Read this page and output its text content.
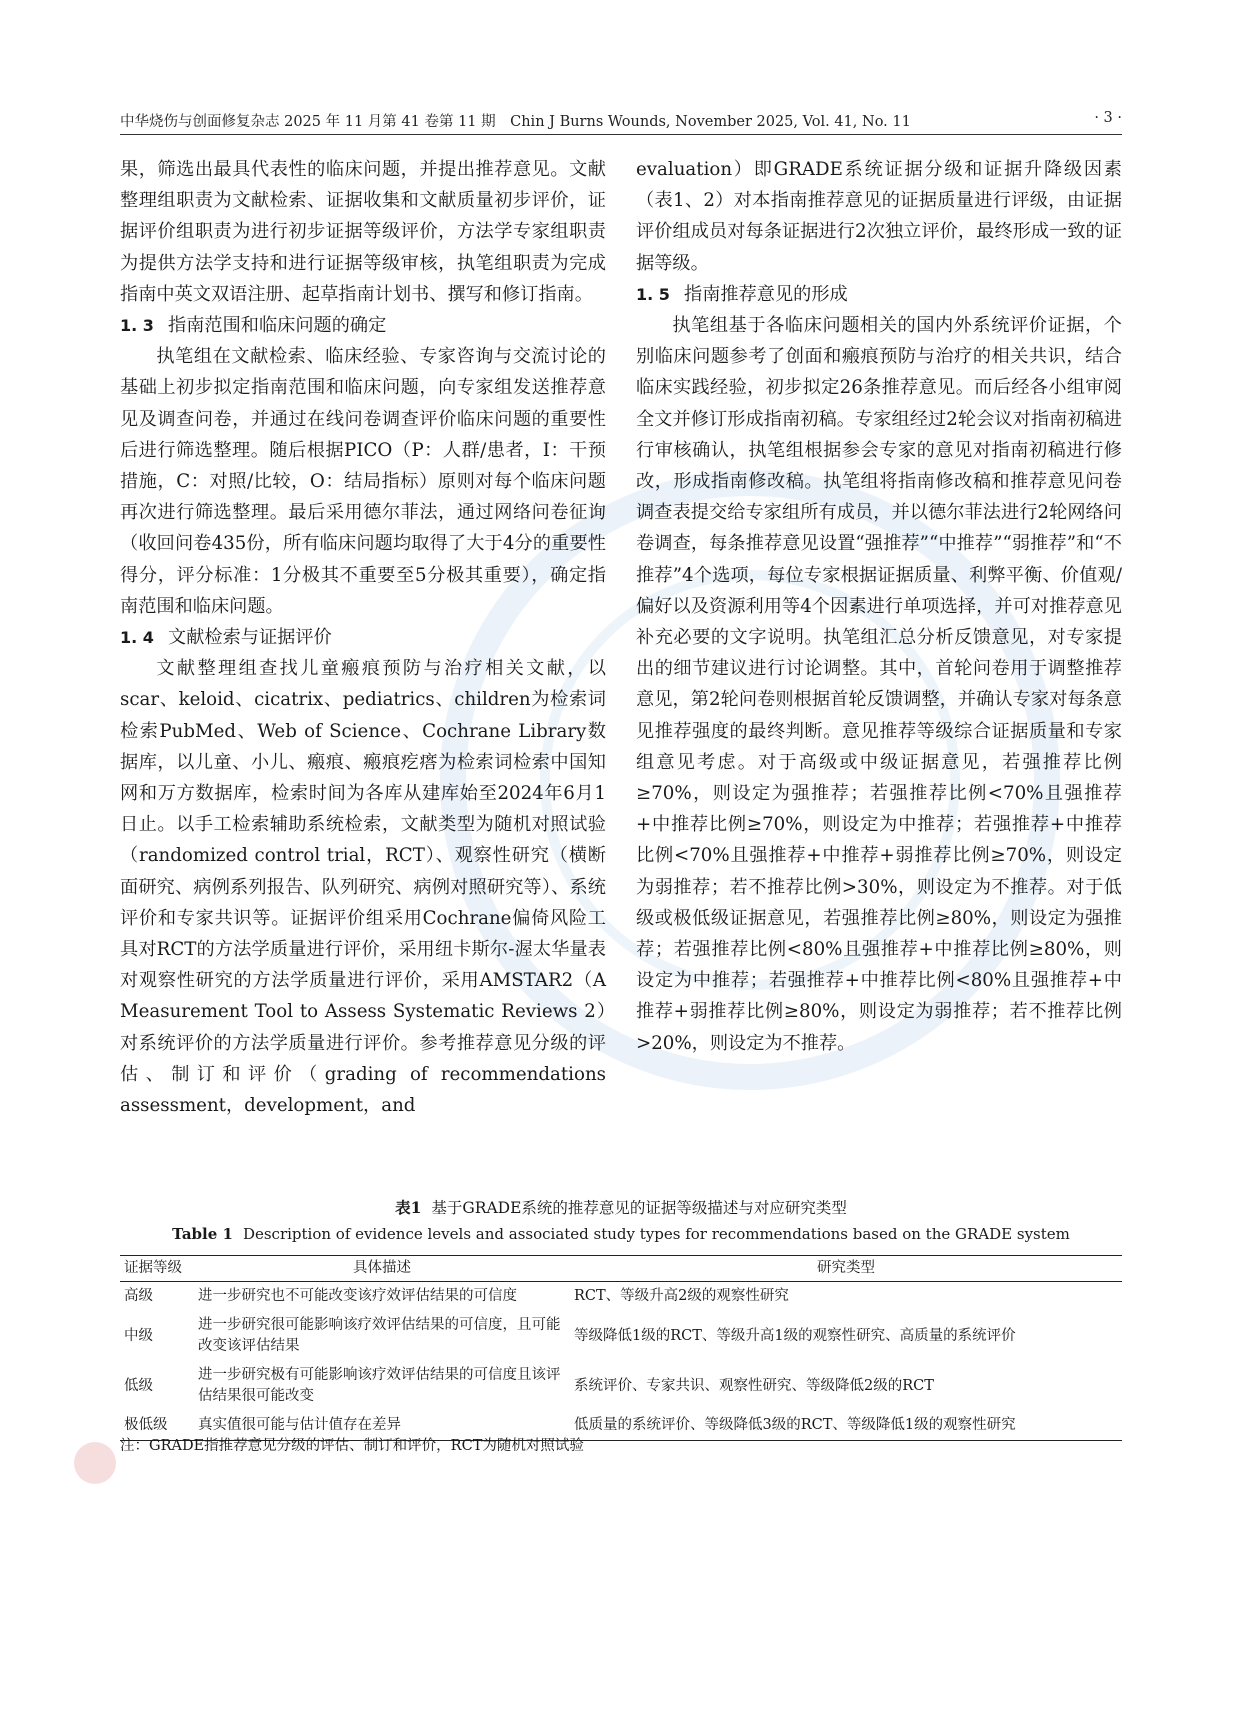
中华烧伤与创面修复杂志 2025 年 11 月第 41 卷第 11 期　Chin J Burns Wounds, November 2025, Vol. 41, No. 11	· 3 ·

果，筛选出最具代表性的临床问题，并提出推荐意见。文献整理组职责为文献检索、证据收集和文献质量初步评价，证据评价组职责为进行初步证据等级评价，方法学专家组职责为提供方法学支持和进行证据等级审核，执笔组职责为完成指南中英文双语注册、起草指南计划书、撰写和修订指南。

1. 3 指南范围和临床问题的确定

执笔组在文献检索、临床经验、专家咨询与交流讨论的基础上初步拟定指南范围和临床问题，向专家组发送推荐意见及调查问卷，并通过在线问卷调查评价临床问题的重要性后进行筛选整理。随后根据PICO（P：人群/患者，I：干预措施，C：对照/比较，O：结局指标）原则对每个临床问题再次进行筛选整理。最后采用德尔菲法，通过网络问卷征询（收回问卷435份，所有临床问题均取得了大于4分的重要性得分，评分标准：1分极其不重要至5分极其重要），确定指南范围和临床问题。

1. 4 文献检索与证据评价

文献整理组查找儿童瘢痕预防与治疗相关文献，以scar、keloid、cicatrix、pediatrics、children为检索词检索PubMed、Web of Science、Cochrane Library数据库，以儿童、小儿、瘢痕、瘢痕疙瘩为检索词检索中国知网和万方数据库，检索时间为各库从建库始至2024年6月1日止。以手工检索辅助系统检索，文献类型为随机对照试验（randomized control trial，RCT）、观察性研究（横断面研究、病例系列报告、队列研究、病例对照研究等）、系统评价和专家共识等。证据评价组采用Cochrane偏倚风险工具对RCT的方法学质量进行评价，采用纽卡斯尔-渥太华量表对观察性研究的方法学质量进行评价，采用AMSTAR2（A Measurement Tool to Assess Systematic Reviews 2）对系统评价的方法学质量进行评价。参考推荐意见分级的评估、制订和评价（grading of recommendations assessment，development，and

evaluation）即GRADE系统证据分级和证据升降级因素（表1、2）对本指南推荐意见的证据质量进行评级，由证据评价组成员对每条证据进行2次独立评价，最终形成一致的证据等级。

1. 5 指南推荐意见的形成

执笔组基于各临床问题相关的国内外系统评价证据，个别临床问题参考了创面和瘢痕预防与治疗的相关共识，结合临床实践经验，初步拟定26条推荐意见。而后经各小组审阅全文并修订形成指南初稿。专家组经过2轮会议对指南初稿进行审核确认，执笔组根据参会专家的意见对指南初稿进行修改，形成指南修改稿。执笔组将指南修改稿和推荐意见问卷调查表提交给专家组所有成员，并以德尔菲法进行2轮网络问卷调查，每条推荐意见设置“强推荐”“中推荐”“弱推荐”和“不推荐”4个选项，每位专家根据证据质量、利弊平衡、价值观/偏好以及资源利用等4个因素进行单项选择，并可对推荐意见补充必要的文字说明。执笔组汇总分析反馈意见，对专家提出的细节建议进行讨论调整。其中，首轮问卷用于调整推荐意见，第2轮问卷则根据首轮反馈调整，并确认专家对每条意见推荐强度的最终判断。意见推荐等级综合证据质量和专家组意见考虑。对于高级或中级证据意见，若强推荐比例≥70%，则设定为强推荐；若强推荐比例<70%且强推荐+中推荐比例≥70%，则设定为中推荐；若强推荐+中推荐比例<70%且强推荐+中推荐+弱推荐比例≥70%，则设定为弱推荐；若不推荐比例>30%，则设定为不推荐。对于低级或极低级证据意见，若强推荐比例≥80%，则设定为强推荐；若强推荐比例<80%且强推荐+中推荐比例≥80%，则设定为中推荐；若强推荐+中推荐比例<80%且强推荐+中推荐+弱推荐比例≥80%，则设定为弱推荐；若不推荐比例>20%，则设定为不推荐。

表1 基于GRADE系统的推荐意见的证据等级描述与对应研究类型
Table 1 Description of evidence levels and associated study types for recommendations based on the GRADE system
证据等级	具体描述	研究类型
高级	进一步研究也不可能改变该疗效评估结果的可信度	RCT、等级升高2级的观察性研究
中级	进一步研究很可能影响该疗效评估结果的可信度，且可能改变该评估结果	等级降低1级的RCT、等级升高1级的观察性研究、高质量的系统评价
低级	进一步研究极有可能影响该疗效评估结果的可信度且该评估结果很可能改变	系统评价、专家共识、观察性研究、等级降低2级的RCT
极低级	真实值很可能与估计值存在差异	低质量的系统评价、等级降低3级的RCT、等级降低1级的观察性研究
注：GRADE指推荐意见分级的评估、制订和评价，RCT为随机对照试验
